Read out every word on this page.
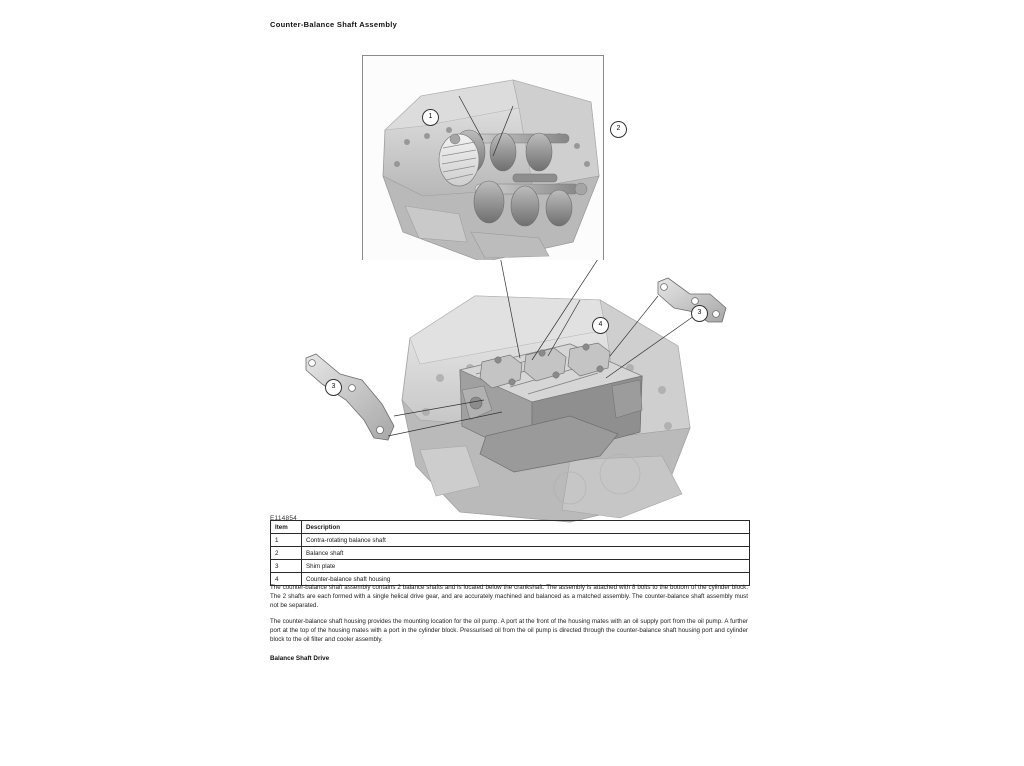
Counter-Balance Shaft Assembly
1
2
3
4
3
E114854
Item	Description
1	Contra-rotating balance shaft
2	Balance shaft
3	Shim plate
4	Counter-balance shaft housing

The counter-balance shaft assembly contains 2 balance shafts and is located below the crankshaft. The assembly is attached with 8 bolts to the bottom of the cylinder block. The 2 shafts are each formed with a single helical drive gear, and are accurately machined and balanced as a matched assembly. The counter-balance shaft assembly must not be separated.

The counter-balance shaft housing provides the mounting location for the oil pump. A port at the front of the housing mates with an oil supply port from the oil pump. A further port at the top of the housing mates with a port in the cylinder block. Pressurised oil from the oil pump is directed through the counter-balance shaft housing port and cylinder block to the oil filter and cooler assembly.

Balance Shaft Drive
